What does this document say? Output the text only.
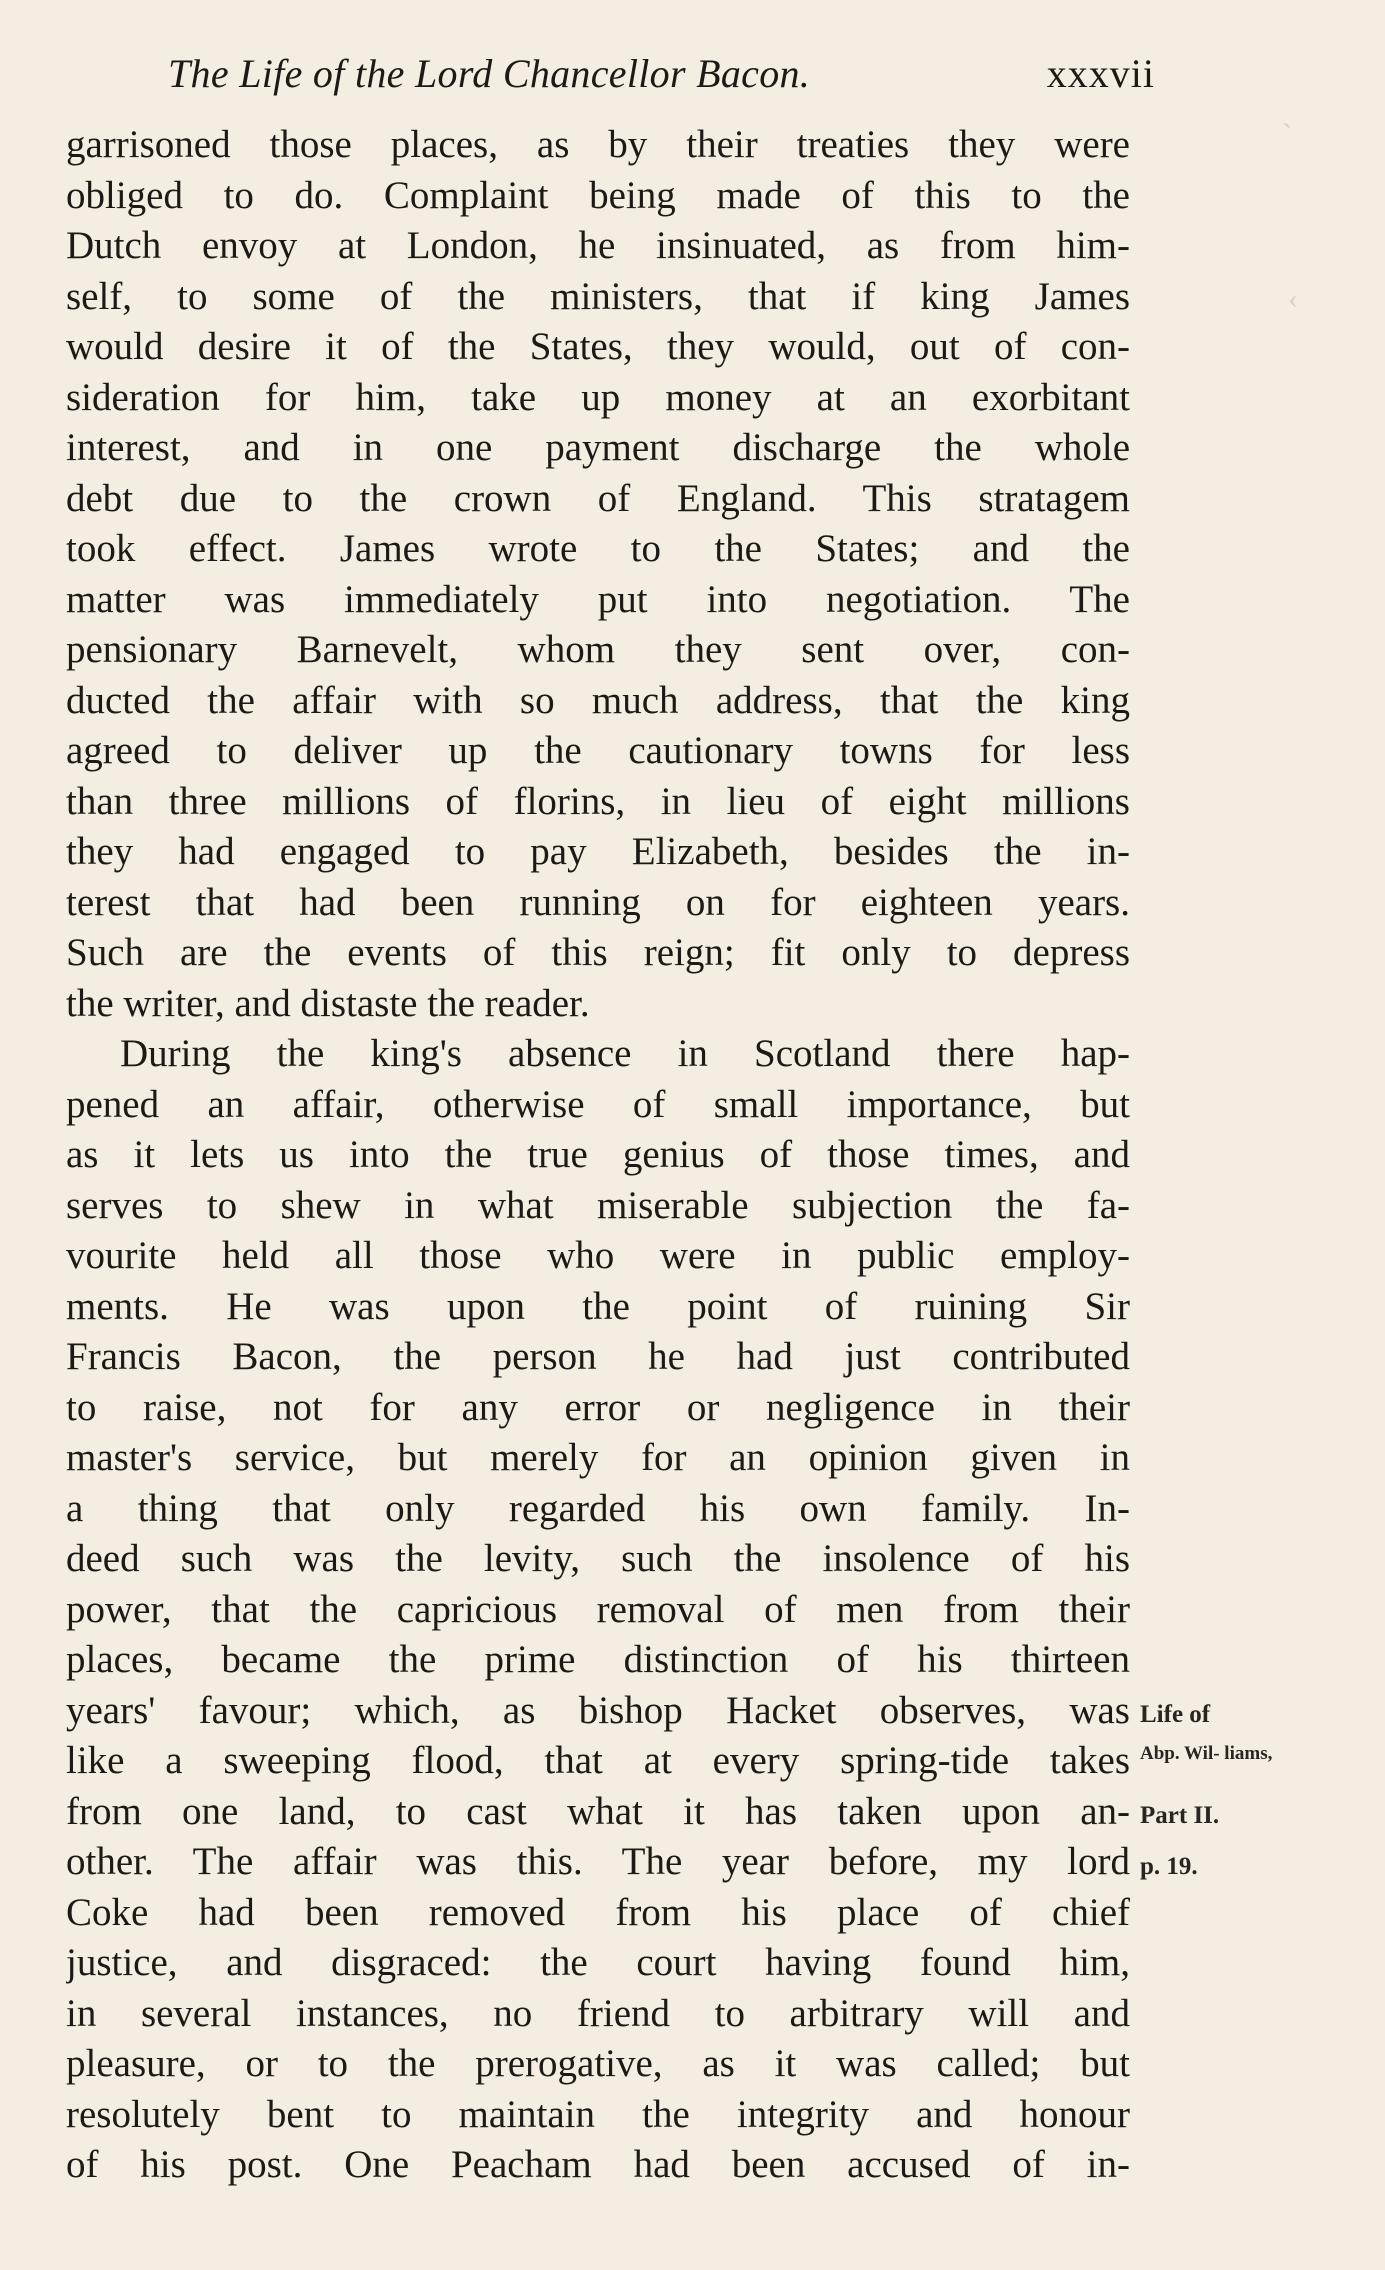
The Life of the Lord Chancellor Bacon.	xxxvii
garrisoned those places, as by their treaties they were
obliged to do. Complaint being made of this to the
Dutch envoy at London, he insinuated, as from him-
self, to some of the ministers, that if king James
would desire it of the States, they would, out of con-
sideration for him, take up money at an exorbitant
interest, and in one payment discharge the whole
debt due to the crown of England. This stratagem
took effect. James wrote to the States; and the
matter was immediately put into negotiation. The
pensionary Barnevelt, whom they sent over, con-
ducted the affair with so much address, that the king
agreed to deliver up the cautionary towns for less
than three millions of florins, in lieu of eight millions
they had engaged to pay Elizabeth, besides the in-
terest that had been running on for eighteen years.
Such are the events of this reign; fit only to depress
the writer, and distaste the reader.
During the king's absence in Scotland there hap-
pened an affair, otherwise of small importance, but
as it lets us into the true genius of those times, and
serves to shew in what miserable subjection the fa-
vourite held all those who were in public employ-
ments. He was upon the point of ruining Sir
Francis Bacon, the person he had just contributed
to raise, not for any error or negligence in their
master's service, but merely for an opinion given in
a thing that only regarded his own family. In-
deed such was the levity, such the insolence of his
power, that the capricious removal of men from their
places, became the prime distinction of his thirteen
years' favour; which, as bishop Hacket observes, was
like a sweeping flood, that at every spring-tide takes
from one land, to cast what it has taken upon an-
other. The affair was this. The year before, my lord
Coke had been removed from his place of chief
justice, and disgraced: the court having found him,
in several instances, no friend to arbitrary will and
pleasure, or to the prerogative, as it was called; but
resolutely bent to maintain the integrity and honour
of his post. One Peacham had been accused of in-
Life of
Abp. Wil- liams,
Part II.
p. 19.
`
‹
